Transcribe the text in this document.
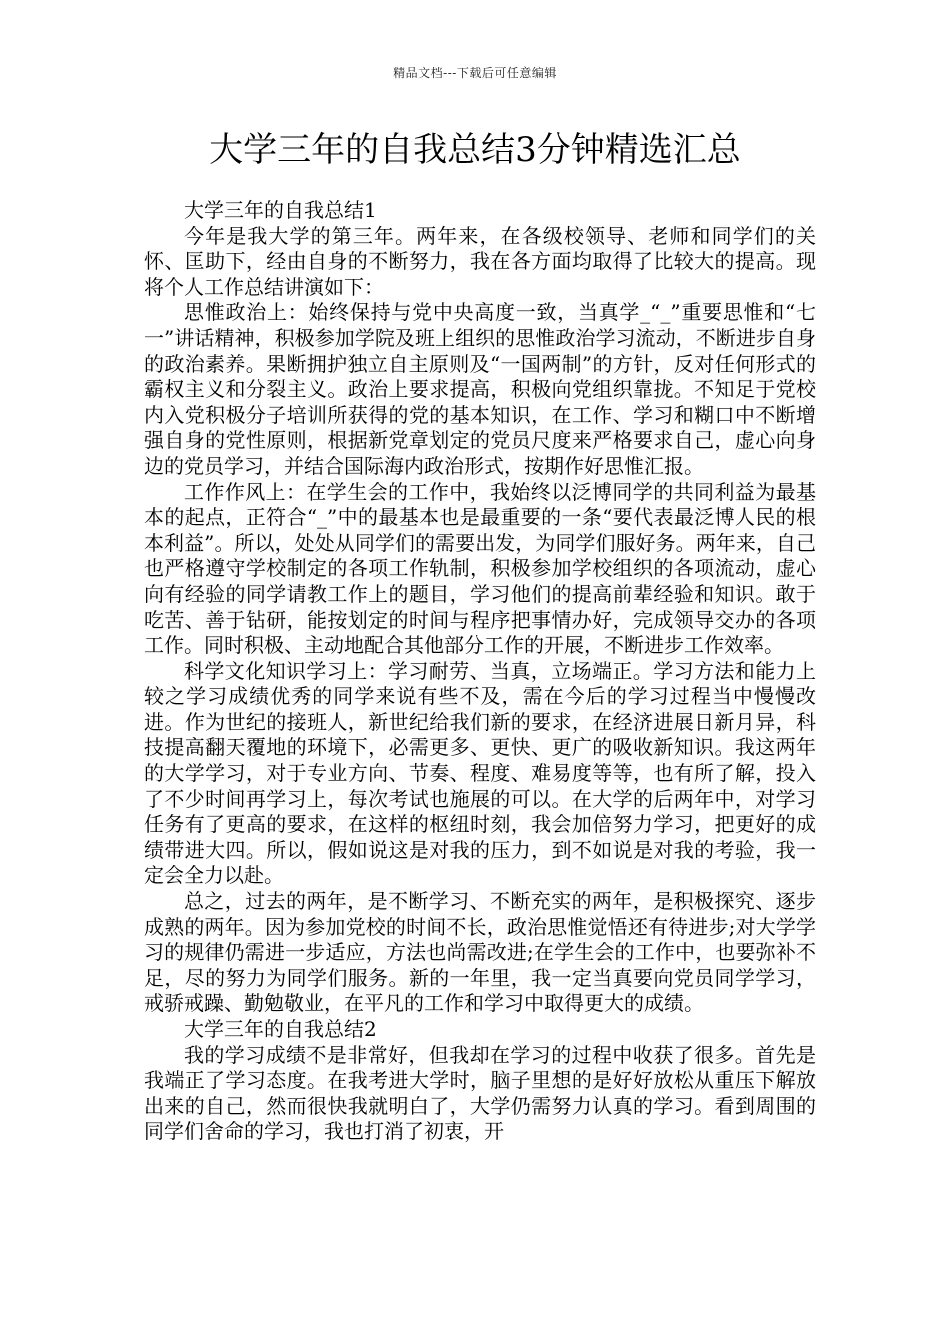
精品文档---下载后可任意编辑
大学三年的自我总结3分钟精选汇总

大学三年的自我总结1

今年是我大学的第三年。两年来，在各级校领导、老师和同学们的关怀、匡助下，经由自身的不断努力，我在各方面均取得了比较大的提高。现将个人工作总结讲演如下：

思惟政治上：始终保持与党中央高度一致，当真学_“_”重要思惟和“七一”讲话精神，积极参加学院及班上组织的思惟政治学习流动，不断进步自身的政治素养。果断拥护独立自主原则及“一国两制”的方针，反对任何形式的霸权主义和分裂主义。政治上要求提高，积极向党组织靠拢。不知足于党校内入党积极分子培训所获得的党的基本知识，在工作、学习和糊口中不断增强自身的党性原则，根据新党章划定的党员尺度来严格要求自己，虚心向身边的党员学习，并结合国际海内政治形式，按期作好思惟汇报。

工作作风上：在学生会的工作中，我始终以泛博同学的共同利益为最基本的起点，正符合“_”中的最基本也是最重要的一条“要代表最泛博人民的根本利益”。所以，处处从同学们的需要出发，为同学们服好务。两年来，自己也严格遵守学校制定的各项工作轨制，积极参加学校组织的各项流动，虚心向有经验的同学请教工作上的题目，学习他们的提高前辈经验和知识。敢于吃苦、善于钻研，能按划定的时间与程序把事情办好，完成领导交办的各项工作。同时积极、主动地配合其他部分工作的开展，不断进步工作效率。

科学文化知识学习上：学习耐劳、当真，立场端正。学习方法和能力上较之学习成绩优秀的同学来说有些不及，需在今后的学习过程当中慢慢改进。作为世纪的接班人，新世纪给我们新的要求，在经济进展日新月异，科技提高翻天覆地的环境下，必需更多、更快、更广的吸收新知识。我这两年的大学学习，对于专业方向、节奏、程度、难易度等等，也有所了解，投入了不少时间再学习上，每次考试也施展的可以。在大学的后两年中，对学习任务有了更高的要求，在这样的枢纽时刻，我会加倍努力学习，把更好的成绩带进大四。所以，假如说这是对我的压力，到不如说是对我的考验，我一定会全力以赴。

总之，过去的两年，是不断学习、不断充实的两年，是积极探究、逐步成熟的两年。因为参加党校的时间不长，政治思惟觉悟还有待进步;对大学学习的规律仍需进一步适应，方法也尚需改进;在学生会的工作中，也要弥补不足，尽的努力为同学们服务。新的一年里，我一定当真要向党员同学学习，戒骄戒躁、勤勉敬业，在平凡的工作和学习中取得更大的成绩。

大学三年的自我总结2

我的学习成绩不是非常好，但我却在学习的过程中收获了很多。首先是我端正了学习态度。在我考进大学时，脑子里想的是好好放松从重压下解放出来的自己，然而很快我就明白了，大学仍需努力认真的学习。看到周围的同学们舍命的学习，我也打消了初衷，开
